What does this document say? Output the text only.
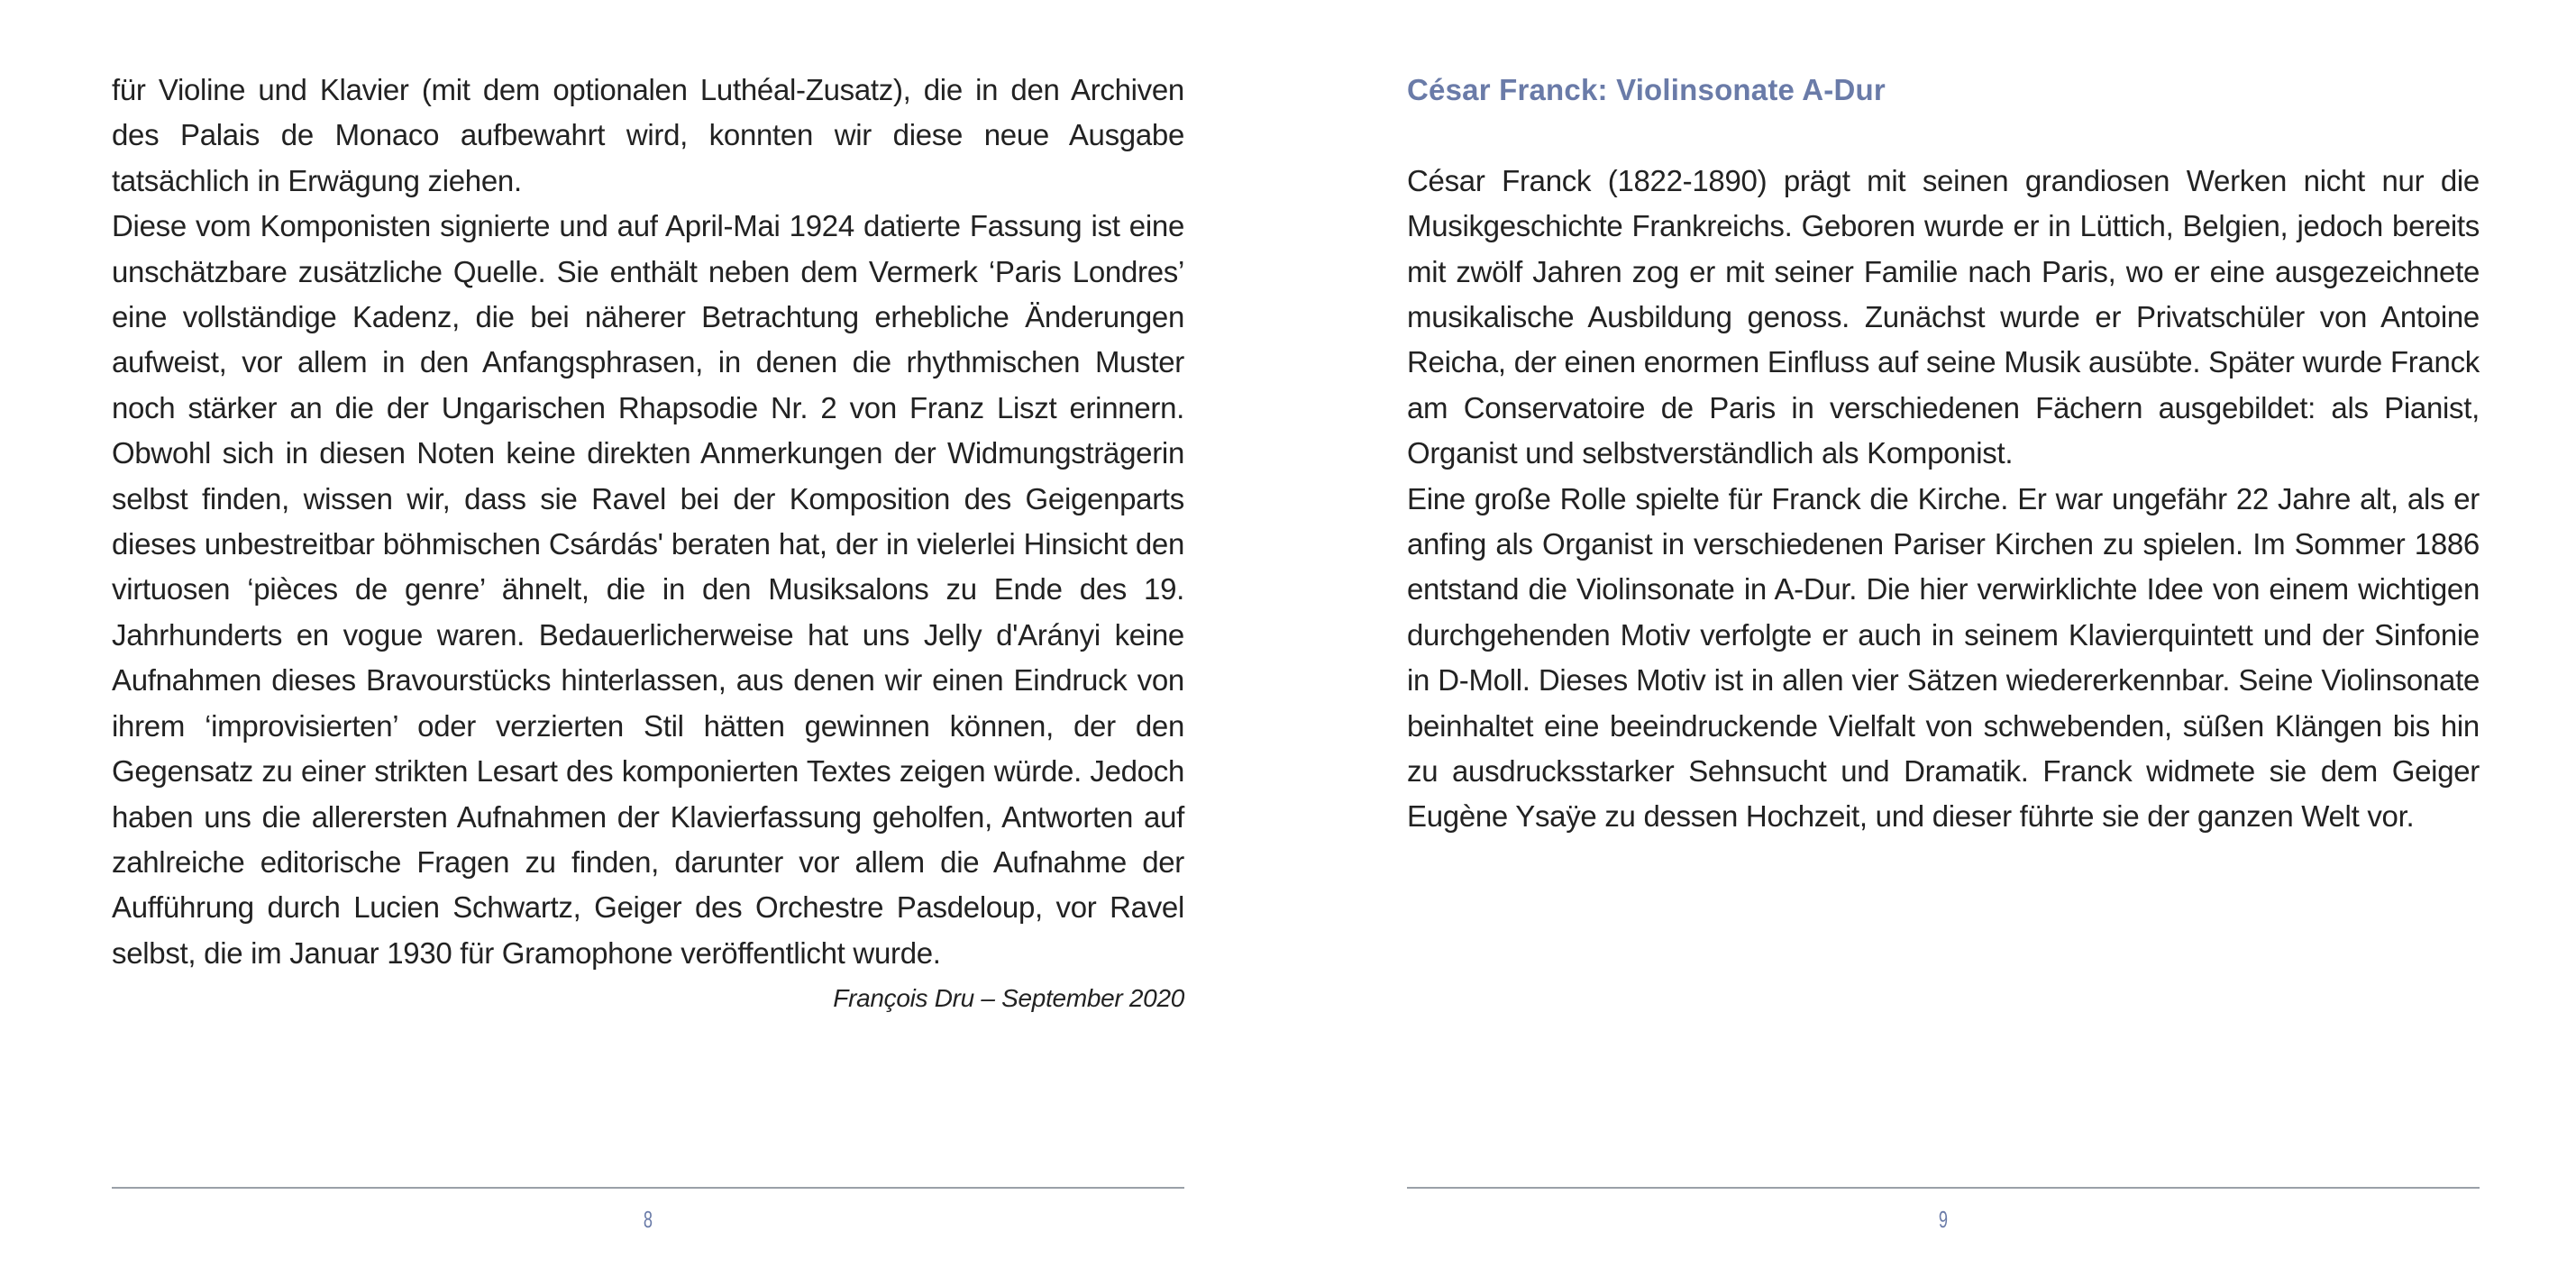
für Violine und Klavier (mit dem optionalen Luthéal-Zusatz), die in den Archiven des Palais de Monaco aufbewahrt wird, konnten wir diese neue Ausgabe tatsächlich in Erwägung ziehen.

Diese vom Komponisten signierte und auf April-Mai 1924 datierte Fassung ist eine unschätzbare zusätzliche Quelle. Sie enthält neben dem Vermerk ‘Paris Londres’ eine vollständige Kadenz, die bei näherer Betrachtung erhebliche Änderungen aufweist, vor allem in den Anfangsphrasen, in denen die rhythmischen Muster noch stärker an die der Ungarischen Rhapsodie Nr. 2 von Franz Liszt erinnern. Obwohl sich in diesen Noten keine direkten Anmerkungen der Widmungsträgerin selbst finden, wissen wir, dass sie Ravel bei der Komposition des Geigenparts dieses unbestreitbar böhmischen Csárdás' beraten hat, der in vielerlei Hinsicht den virtuosen ‘pièces de genre’ ähnelt, die in den Musiksalons zu Ende des 19. Jahrhunderts en vogue waren. Bedauerlicherweise hat uns Jelly d'Arányi keine Aufnahmen dieses Bravourstücks hinterlassen, aus denen wir einen Eindruck von ihrem ‘improvisierten’ oder verzierten Stil hätten gewinnen können, der den Gegensatz zu einer strikten Lesart des komponierten Textes zeigen würde. Jedoch haben uns die allerersten Aufnahmen der Klavierfassung geholfen, Antworten auf zahlreiche editorische Fragen zu finden, darunter vor allem die Aufnahme der Aufführung durch Lucien Schwartz, Geiger des Orchestre Pasdeloup, vor Ravel selbst, die im Januar 1930 für Gramophone veröffentlicht wurde.

François Dru – September 2020

8
César Franck: Violinsonate A-Dur

César Franck (1822-1890) prägt mit seinen grandiosen Werken nicht nur die Musikgeschichte Frankreichs. Geboren wurde er in Lüttich, Belgien, jedoch bereits mit zwölf Jahren zog er mit seiner Familie nach Paris, wo er eine ausgezeichnete musikalische Ausbildung genoss. Zunächst wurde er Privatschüler von Antoine Reicha, der einen enormen Einfluss auf seine Musik ausübte. Später wurde Franck am Conservatoire de Paris in verschiedenen Fächern ausgebildet: als Pianist, Organist und selbstverständlich als Komponist.

Eine große Rolle spielte für Franck die Kirche. Er war ungefähr 22 Jahre alt, als er anfing als Organist in verschiedenen Pariser Kirchen zu spielen. Im Sommer 1886 entstand die Violinsonate in A-Dur. Die hier verwirklichte Idee von einem wichtigen durchgehenden Motiv verfolgte er auch in seinem Klavierquintett und der Sinfonie in D-Moll. Dieses Motiv ist in allen vier Sätzen wiedererkennbar. Seine Violinsonate beinhaltet eine beeindruckende Vielfalt von schwebenden, süßen Klängen bis hin zu ausdrucksstarker Sehnsucht und Dramatik. Franck widmete sie dem Geiger Eugène Ysaÿe zu dessen Hochzeit, und dieser führte sie der ganzen Welt vor.

9
